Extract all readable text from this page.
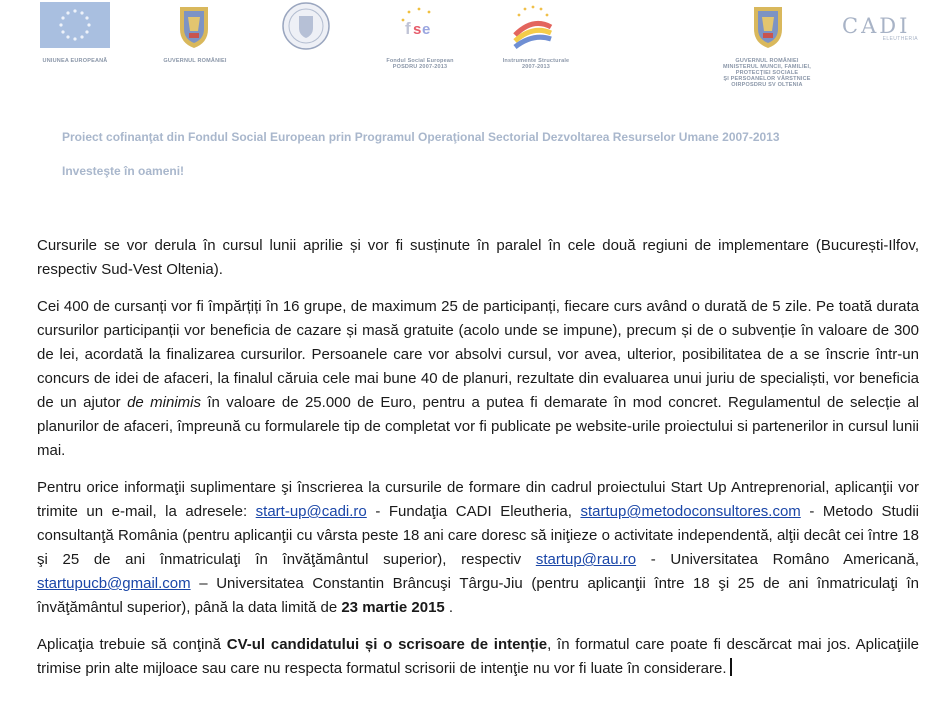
UNIUNEA EUROPEANĂ	GUVERNUL ROMÂNIEI
f s e
Fondul Social European
POSDRU 2007-2013
Instrumente Structurale
2007-2013
GUVERNUL ROMÂNIEI
MINISTERUL MUNCII, FAMILIEI,
PROTECŢIEI SOCIALE
ŞI PERSOANELOR VÂRSTNICE
OIRPOSDRU SV OLTENIA
CADI
ELEUTHERIA
Proiect cofinanţat din Fondul Social European prin Programul Operaţional Sectorial Dezvoltarea Resurselor Umane 2007-2013
Investeşte în oameni!

Cursurile se vor derula în cursul lunii aprilie și vor fi susținute în paralel în cele două regiuni de implementare (București-Ilfov, respectiv Sud-Vest Oltenia).

Cei 400 de cursanți vor fi împărțiți în 16 grupe, de maximum 25 de participanți, fiecare curs având o durată de 5 zile. Pe toată durata cursurilor participanții vor beneficia de cazare și masă gratuite (acolo unde se impune), precum și de o subvenție în valoare de 300 de lei, acordată la finalizarea cursurilor. Persoanele care vor absolvi cursul, vor avea, ulterior, posibilitatea de a se înscrie într-un concurs de idei de afaceri, la finalul căruia cele mai bune 40 de planuri, rezultate din evaluarea unui juriu de specialiști, vor beneficia de un ajutor de minimis în valoare de 25.000 de Euro, pentru a putea fi demarate în mod concret. Regulamentul de selecție al planurilor de afaceri, împreună cu formularele tip de completat vor fi publicate pe website-urile proiectului si partenerilor in cursul lunii mai.

Pentru orice informaţii suplimentare şi înscrierea la cursurile de formare din cadrul proiectului Start Up Antreprenorial, aplicanţii vor trimite un e-mail, la adresele: start-up@cadi.ro - Fundaţia CADI Eleutheria, startup@metodoconsultores.com - Metodo Studii consultanţă România (pentru aplicanţii cu vârsta peste 18 ani care doresc să iniţieze o activitate independentă, alţii decât cei între 18 şi 25 de ani înmatriculaţi în învăţământul superior), respectiv startup@rau.ro - Universitatea Româno Americană, startupucb@gmail.com – Universitatea Constantin Brâncuşi Târgu-Jiu (pentru aplicanţii între 18 şi 25 de ani înmatriculaţi în învăţământul superior), până la data limită de 23 martie 2015 .

Aplicaţia trebuie să conţină CV-ul candidatului și o scrisoare de intenție, în formatul care poate fi descărcat mai jos. Aplicaţiile trimise prin alte mijloace sau care nu respecta formatul scrisorii de intenţie nu vor fi luate în considerare.
